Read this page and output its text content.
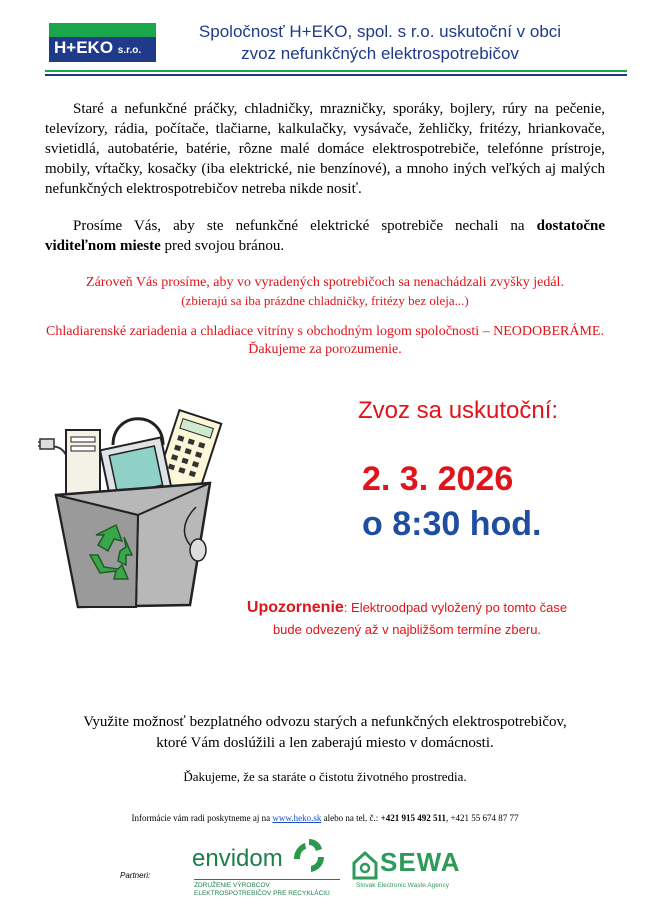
H+EKO s.r.o.
Spoločnosť H+EKO, spol. s r.o. uskutoční v obci
zvoz nefunkčných elektrospotrebičov
Staré a nefunkčné práčky, chladničky, mrazničky, sporáky, bojlery, rúry na pečenie, televízory, rádia, počítače, tlačiarne, kalkulačky, vysávače, žehličky, fritézy, hriankovače, svietidlá, autobatérie, batérie, rôzne malé domáce elektrospotrebiče, telefónne prístroje, mobily, vŕtačky, kosačky (iba elektrické, nie benzínové), a mnoho iných veľkých aj malých nefunkčných elektrospotrebičov netreba nikde nosiť.
Prosíme Vás, aby ste nefunkčné elektrické spotrebiče nechali na dostatočne viditeľnom mieste pred svojou bránou.
Zároveň Vás prosíme, aby vo vyradených spotrebičoch sa nenachádzali zvyšky jedál.
(zbierajú sa iba prázdne chladničky, fritézy bez oleja...)
Chladiarenské zariadenia a chladiace vitríny s obchodným logom spoločnosti – NEODOBERÁME.
Ďakujeme za porozumenie.
Zvoz sa uskutoční:
2. 3. 2026
o 8:30 hod.
Upozornenie: Elektroodpad vyložený po tomto čase
bude odvezený až v najbližšom termíne zberu.
Využite možnosť bezplatného odvozu starých a nefunkčných elektrospotrebičov,
ktoré Vám doslúžili a len zaberajú miesto v domácnosti.
Ďakujeme, že sa staráte o čistotu životného prostredia.
Informácie vám radi poskytneme aj na www.heko.sk alebo na tel. č.: +421 915 492 511, +421 55 674 87 77
Partneri:
envidom
ZDRUŽENIE VÝROBCOV
ELEKTROSPOTREBIČOV PRE RECYKLÁCIU
SEWA
Slovak Electronic Waste Agency
